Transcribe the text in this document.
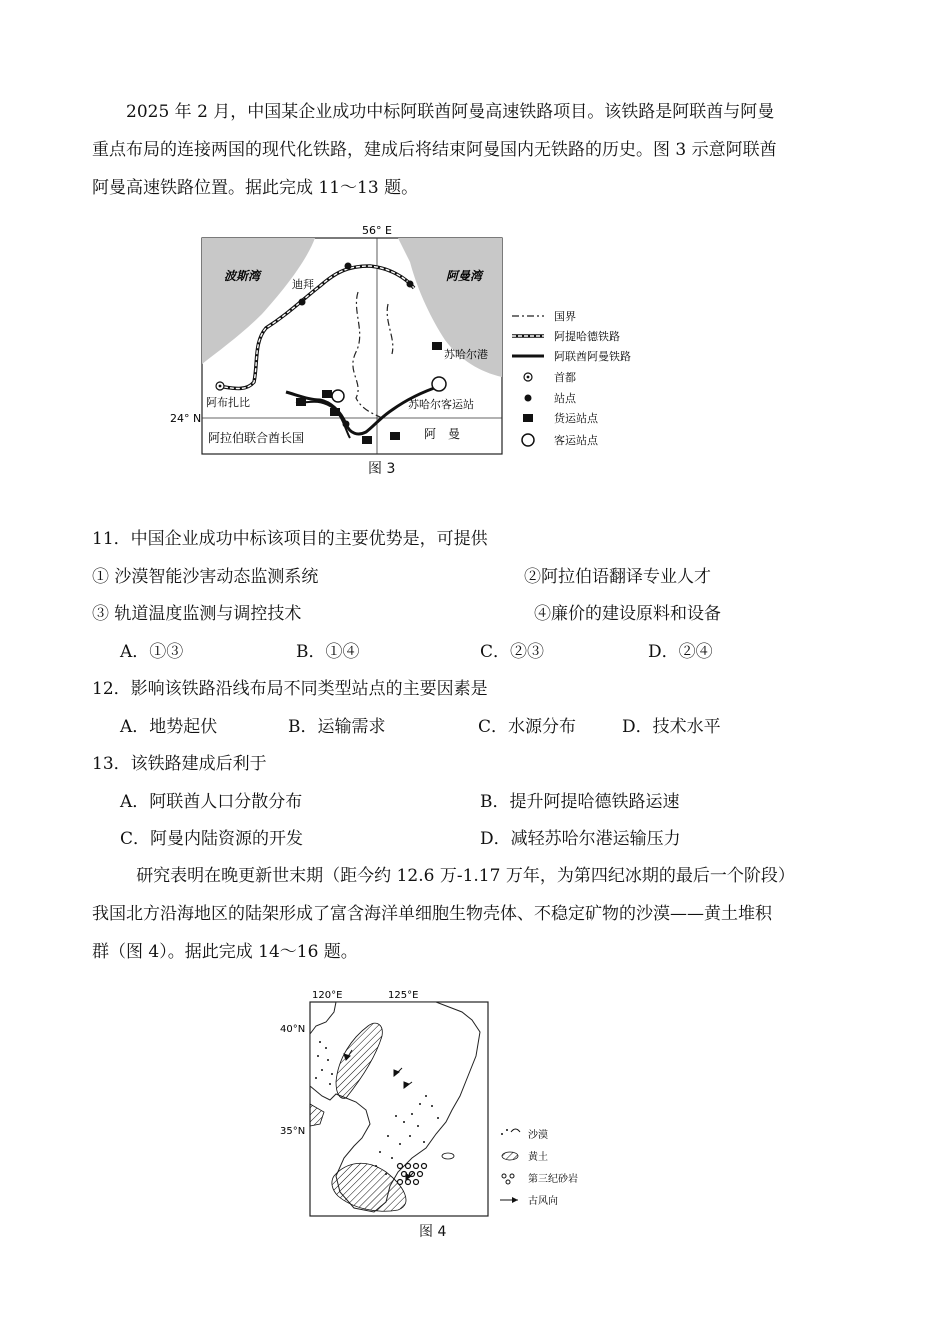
2025 年 2 月，中国某企业成功中标阿联酋阿曼高速铁路项目。该铁路是阿联酋与阿曼

重点布局的连接两国的现代化铁路，建成后将结束阿曼国内无铁路的历史。图 3 示意阿联酋

阿曼高速铁路位置。据此完成 11～13 题。

56° E
波斯湾	阿曼湾
24° N
迪拜
苏哈尔港
苏哈尔客运站
阿布扎比
阿拉伯联合酋长国	阿　曼
国界
阿提哈德铁路
阿联酋阿曼铁路
首都
站点
货运站点
客运站点
图 3
11．中国企业成功中标该项目的主要优势是，可提供
① 沙漠智能沙害动态监测系统	②阿拉伯语翻译专业人才
③ 轨道温度监测与调控技术	④廉价的建设原料和设备
A．①③	B．①④	C．②③	D．②④
12．影响该铁路沿线布局不同类型站点的主要因素是
A．地势起伏	B．运输需求	C．水源分布	D．技术水平
13．该铁路建成后利于
A．阿联酋人口分散分布	B．提升阿提哈德铁路运速
C．阿曼内陆资源的开发	D．减轻苏哈尔港运输压力

研究表明在晚更新世末期（距今约 12.6 万-1.17 万年，为第四纪冰期的最后一个阶段）

我国北方沿海地区的陆架形成了富含海洋单细胞生物壳体、不稳定矿物的沙漠——黄土堆积

群（图 4）。据此完成 14～16 题。

120°E	125°E
40°N
35°N	沙漠
黄土
第三纪砂岩
古风向
图 4
